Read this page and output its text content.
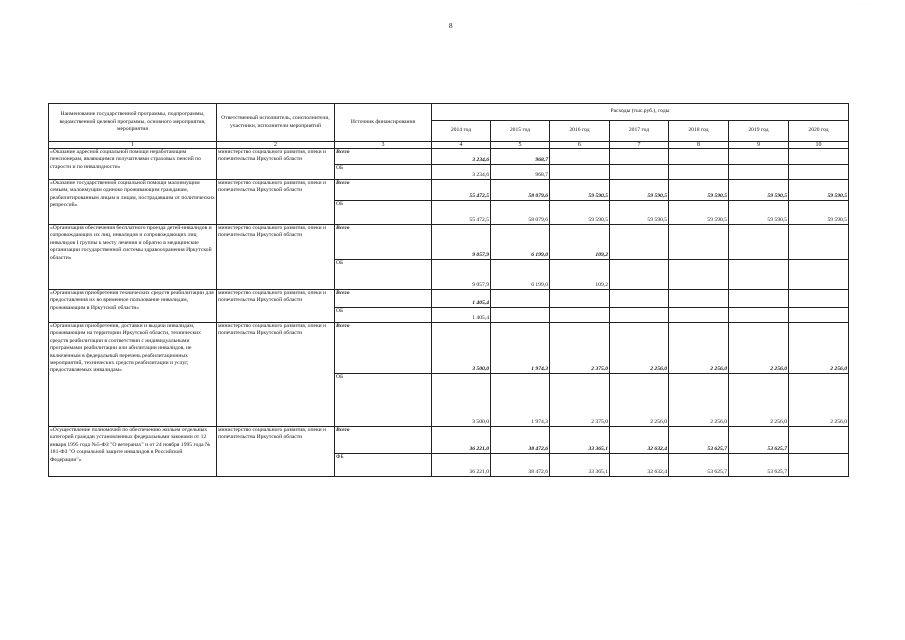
8
· · · · · ·
Наименование государственной программы, подпрограммы, ведомственной целевой программы, основного мероприятия, мероприятия	Ответственный исполнитель, соисполнители, участники, исполнители мероприятий	Источник финансирования	Расходы (тыс.руб.), годы						
			2014 год	2015 год	2016 год	2017 год	2018 год	2019 год	2020 год
1	2	3	4	5	6	7	8	9	10
«Оказание адресной социальной помощи неработающим пенсионерам, являющимся получателями страховых пенсий по старости и по инвалидности»	министерство социального развития, опеки и попечительства Иркутской области	Всего	3 234,6	968,7					
		ОБ	3 234,6	968,7					
«Оказание государственной социальной помощи малоимущим семьям, малоимущим одиноко проживающим гражданам, реабилитированным лицам и лицам, пострадавшим от политических репрессий»	министерство социального развития, опеки и попечительства Иркутской области	Всего	55 472,5	58 079,6	59 590,5	59 590,5	59 590,5	59 590,5	59 590,5
		ОБ	55 472,5	58 079,6	59 590,5	59 590,5	59 590,5	59 590,5	59 590,5
«Организация обеспечения бесплатного проезда детей-инвалидов и сопровождающих их лиц, инвалидов и сопровождающих лиц инвалидов I группы к месту лечения и обратно в медицинские организации государственной системы здравоохранения Иркутской области»	министерство социального развития, опеки и попечительства Иркутской области	Всего	9 057,9	6 199,0	109,2				
		ОБ	9 057,9	6 199,0	109,2				
«Организация приобретения технических средств реабилитации для предоставления их во временное пользование инвалидам, проживающим в Иркутской области»	министерство социального развития, опеки и попечительства Иркутской области	Всего	1 405,4						
		ОБ	1 405,4						
«Организация приобретения, доставки и выдачи инвалидам, проживающим на территории Иркутской области, технических средств реабилитации в соответствии с индивидуальными программами реабилитации или абилитации инвалидов, не включенным в федеральный перечень реабилитационных мероприятий, технических средств реабилитации и услуг, предоставляемых инвалидам»	министерство социального развития, опеки и попечительства Иркутской области	Всего	3 500,0	1 974,3	2 375,0	2 256,0	2 256,0	2 256,0	2 256,0
		ОБ	3 500,0	1 974,3	2 375,0	2 256,0	2 256,0	2 256,0	2 256,0
«Осуществление полномочий по обеспечению жильем отдельных категорий граждан установленных федеральными законами от 12 января 1995 года №5-ФЗ "О ветеранах" и от 24 ноября 1995 года № 181-ФЗ "О социальной защите инвалидов в Российской Федерации"»	министерство социального развития, опеки и попечительства Иркутской области	Всего	36 221,0	38 472,6	33 365,1	32 632,4	53 625,7	53 625,7	
		ФБ	36 221,0	38 472,6	33 365,1	32 632,4	53 625,7	53 625,7	
